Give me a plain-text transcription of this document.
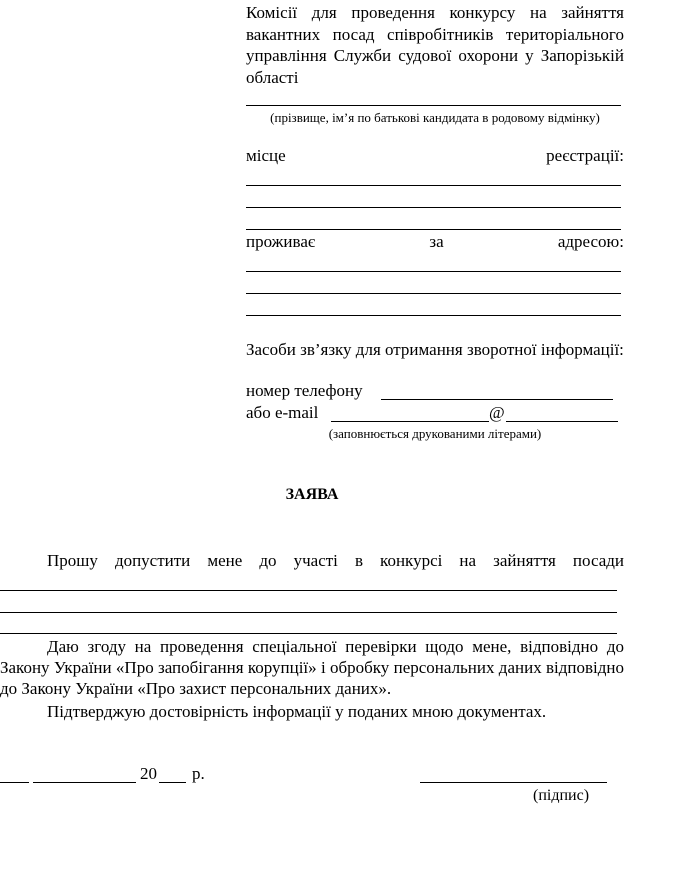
Комісії для проведення конкурсу на зайняття вакантних посад співробітників територіального управління Служби судової охорони у Запорізькій області
(прізвище, ім’я по батькові кандидата в родовому відмінку)
місце	реєстрації:
проживає	за	адресою:
Засоби зв’язку для отримання зворотної інформації:
номер телефону
або e-mail	@
(заповнюється друкованими літерами)
ЗАЯВА
Прошу допустити мене до участі в конкурсі на зайняття посади
Даю згоду на проведення спеціальної перевірки щодо мене, відповідно до Закону України «Про запобігання корупції» і обробку персональних даних відповідно до Закону України «Про захист персональних даних».
Підтверджую достовірність інформації у поданих мною документах.
20 р.
(підпис)
